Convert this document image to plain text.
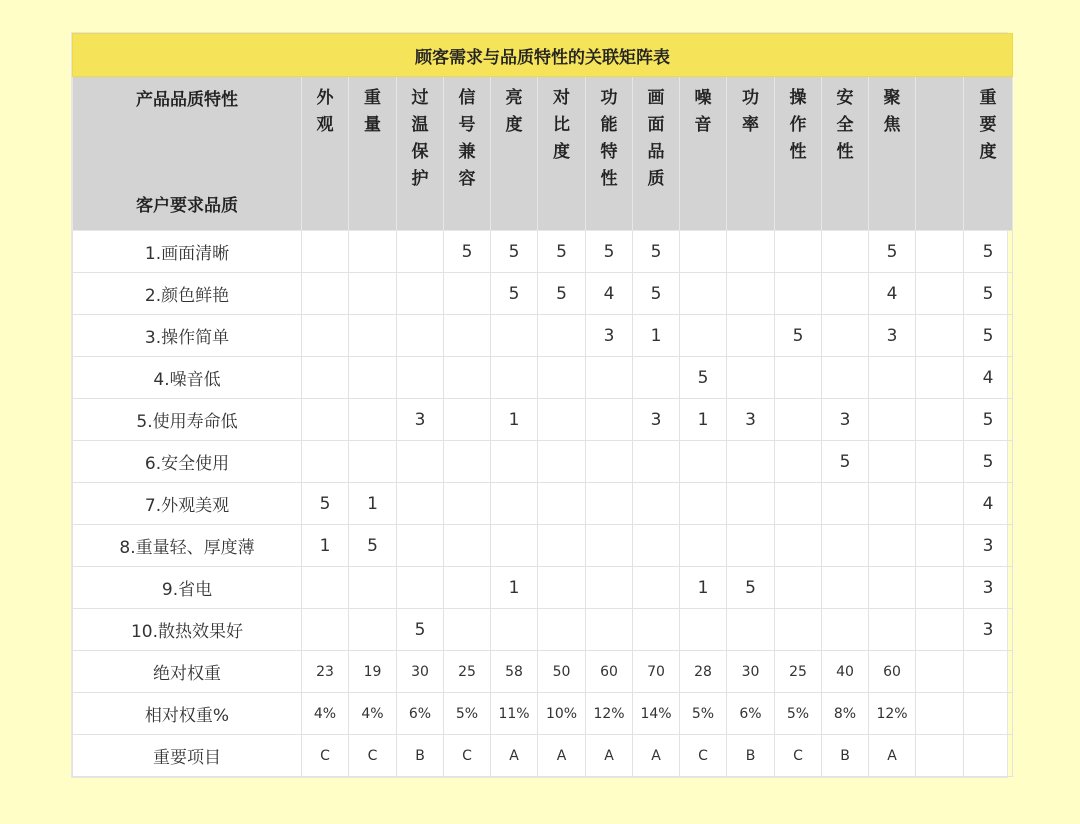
顾客需求与品质特性的关联矩阵表															

产品品质特性
客户要求品质	外观	重量	过温保护	信号兼容	亮度	对比度	功能特性	画面品质	噪音	功率	操作性	安全性	聚焦		重要度

1.画面清晰				5	5	5	5	5					5		5
2.颜色鲜艳					5	5	4	5					4		5
3.操作简单							3	1			5		3		5
4.噪音低									5						4
5.使用寿命低			3		1			3	1	3		3			5
6.安全使用												5			5
7.外观美观	5	1													4
8.重量轻、厚度薄	1	5													3
9.省电					1				1	5					3
10.散热效果好			5												3
绝对权重	23	19	30	25	58	50	60	70	28	30	25	40	60		
相对权重%	4%	4%	6%	5%	11%	10%	12%	14%	5%	6%	5%	8%	12%		
重要项目	C	C	B	C	A	A	A	A	C	B	C	B	A		
